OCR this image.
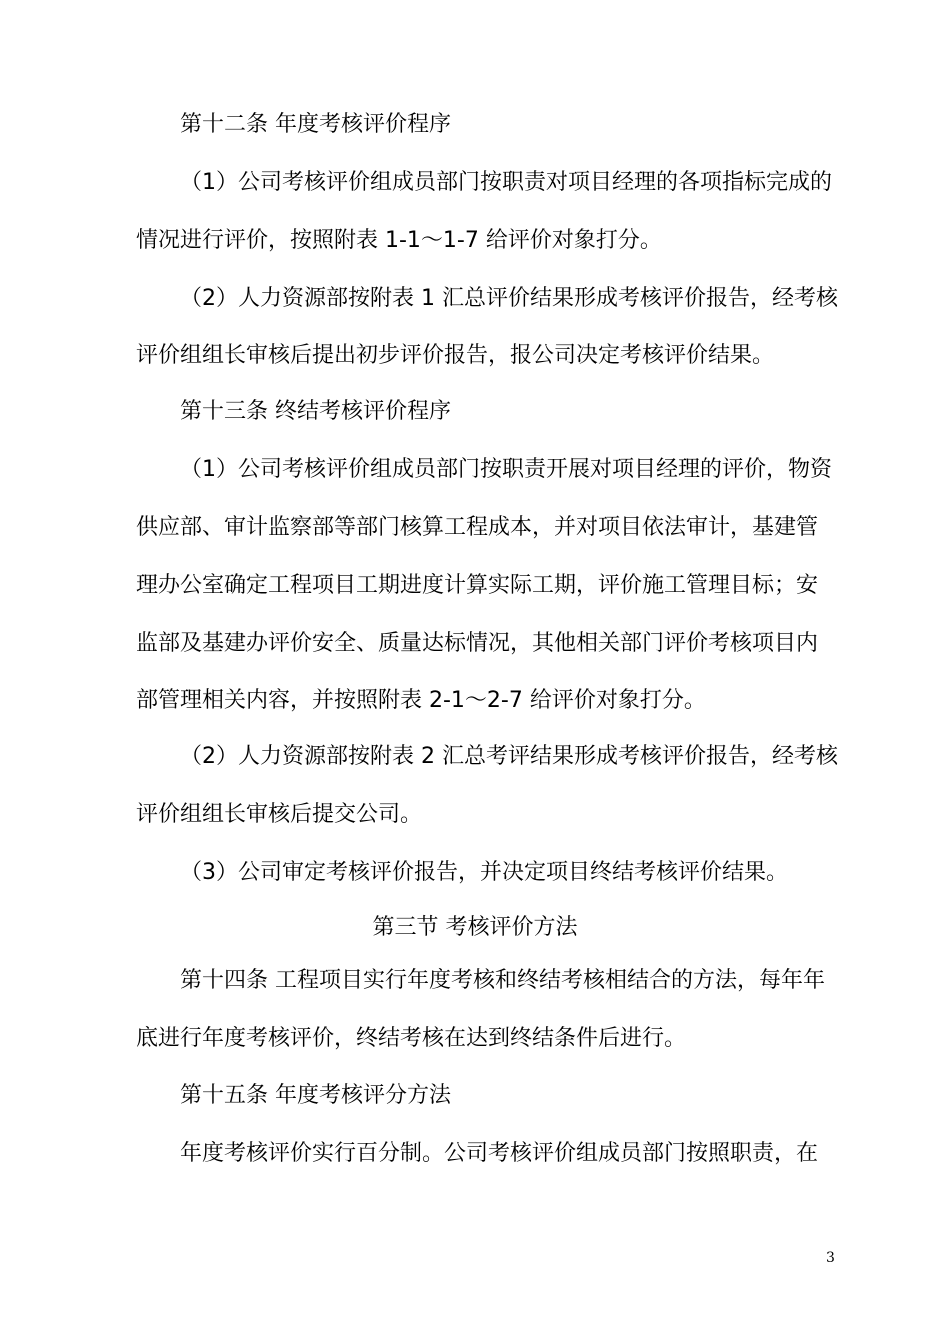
第十二条 年度考核评价程序
（1）公司考核评价组成员部门按职责对项目经理的各项指标完成的
情况进行评价，按照附表 1-1～1-7 给评价对象打分。
（2）人力资源部按附表 1 汇总评价结果形成考核评价报告，经考核
评价组组长审核后提出初步评价报告，报公司决定考核评价结果。
第十三条 终结考核评价程序
（1）公司考核评价组成员部门按职责开展对项目经理的评价，物资
供应部、审计监察部等部门核算工程成本，并对项目依法审计，基建管
理办公室确定工程项目工期进度计算实际工期，评价施工管理目标；安
监部及基建办评价安全、质量达标情况，其他相关部门评价考核项目内
部管理相关内容，并按照附表 2-1～2-7 给评价对象打分。
（2）人力资源部按附表 2 汇总考评结果形成考核评价报告，经考核
评价组组长审核后提交公司。
（3）公司审定考核评价报告，并决定项目终结考核评价结果。
第三节 考核评价方法
第十四条 工程项目实行年度考核和终结考核相结合的方法，每年年
底进行年度考核评价，终结考核在达到终结条件后进行。
第十五条 年度考核评分方法
年度考核评价实行百分制。公司考核评价组成员部门按照职责，在
3
